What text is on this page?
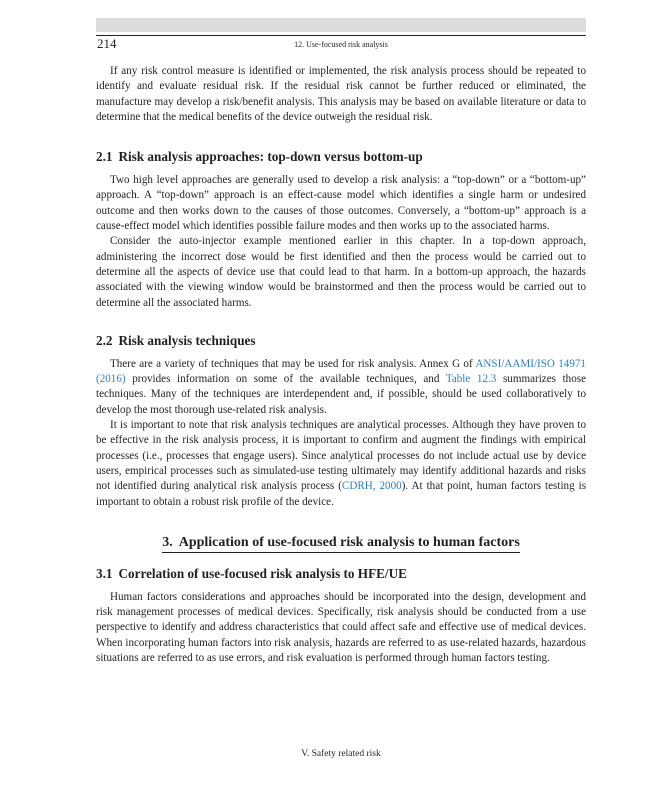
214	12. Use-focused risk analysis

If any risk control measure is identified or implemented, the risk analysis process should be repeated to identify and evaluate residual risk. If the residual risk cannot be further reduced or eliminated, the manufacture may develop a risk/benefit analysis. This analysis may be based on available literature or data to determine that the medical benefits of the device outweigh the residual risk.

2.1 Risk analysis approaches: top-down versus bottom-up

Two high level approaches are generally used to develop a risk analysis: a “top-down” or a “bottom-up” approach. A “top-down” approach is an effect-cause model which identifies a single harm or undesired outcome and then works down to the causes of those outcomes. Conversely, a “bottom-up” approach is a cause-effect model which identifies possible failure modes and then works up to the associated harms.

Consider the auto-injector example mentioned earlier in this chapter. In a top-down approach, administering the incorrect dose would be first identified and then the process would be carried out to determine all the aspects of device use that could lead to that harm. In a bottom-up approach, the hazards associated with the viewing window would be brainstormed and then the process would be carried out to determine all the associated harms.

2.2 Risk analysis techniques

There are a variety of techniques that may be used for risk analysis. Annex G of ANSI/AAMI/ISO 14971 (2016) provides information on some of the available techniques, and Table 12.3 summarizes those techniques. Many of the techniques are interdependent and, if possible, should be used collaboratively to develop the most thorough use-related risk analysis.

It is important to note that risk analysis techniques are analytical processes. Although they have proven to be effective in the risk analysis process, it is important to confirm and augment the findings with empirical processes (i.e., processes that engage users). Since analytical processes do not include actual use by device users, empirical processes such as simulated-use testing ultimately may identify additional hazards and risks not identified during analytical risk analysis process (CDRH, 2000). At that point, human factors testing is important to obtain a robust risk profile of the device.

3. Application of use-focused risk analysis to human factors
3.1 Correlation of use-focused risk analysis to HFE/UE

Human factors considerations and approaches should be incorporated into the design, development and risk management processes of medical devices. Specifically, risk analysis should be conducted from a use perspective to identify and address characteristics that could affect safe and effective use of medical devices. When incorporating human factors into risk analysis, hazards are referred to as use-related hazards, hazardous situations are referred to as use errors, and risk evaluation is performed through human factors testing.

V. Safety related risk
